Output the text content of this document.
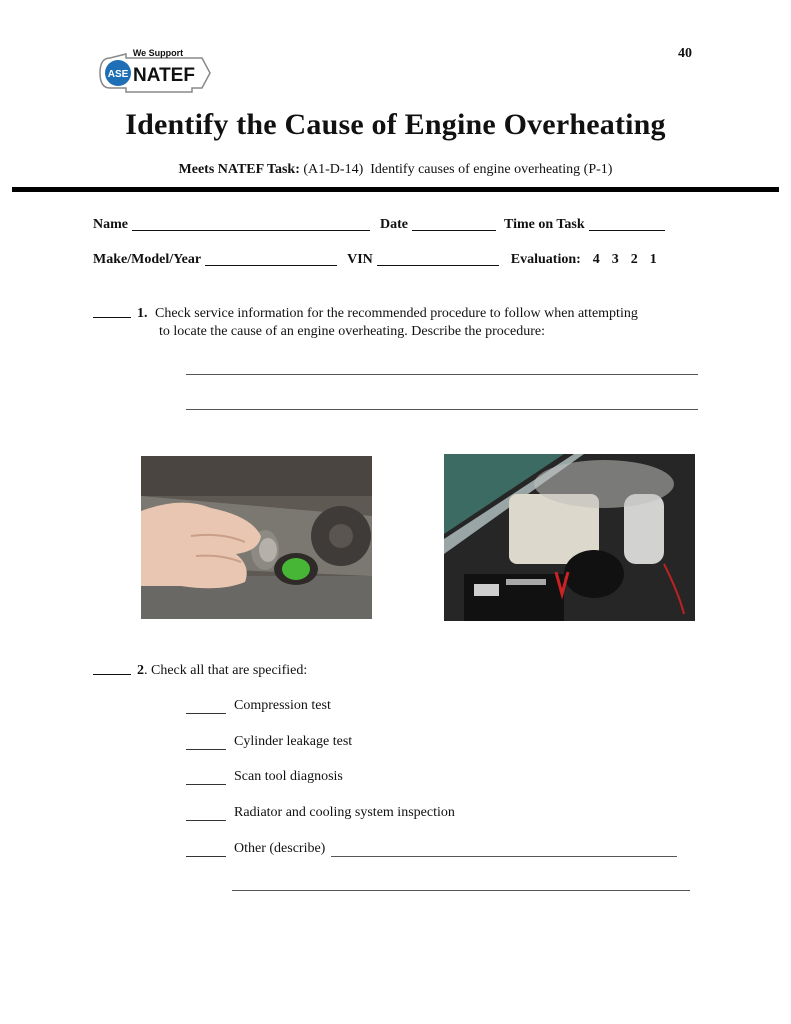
ASE
We Support
NATEF
40
Identify the Cause of Engine Overheating
Meets NATEF Task: (A1-D-14) Identify causes of engine overheating (P-1)
Name	Date	Time on Task
Make/Model/Year	VIN	Evaluation: 4 3 2 1
1. Check service information for the recommended procedure to follow when attempting
to locate the cause of an engine overheating. Describe the procedure:
2 . Check all that are specified:
Compression test
Cylinder leakage test
Scan tool diagnosis
Radiator and cooling system inspection
Other (describe)
